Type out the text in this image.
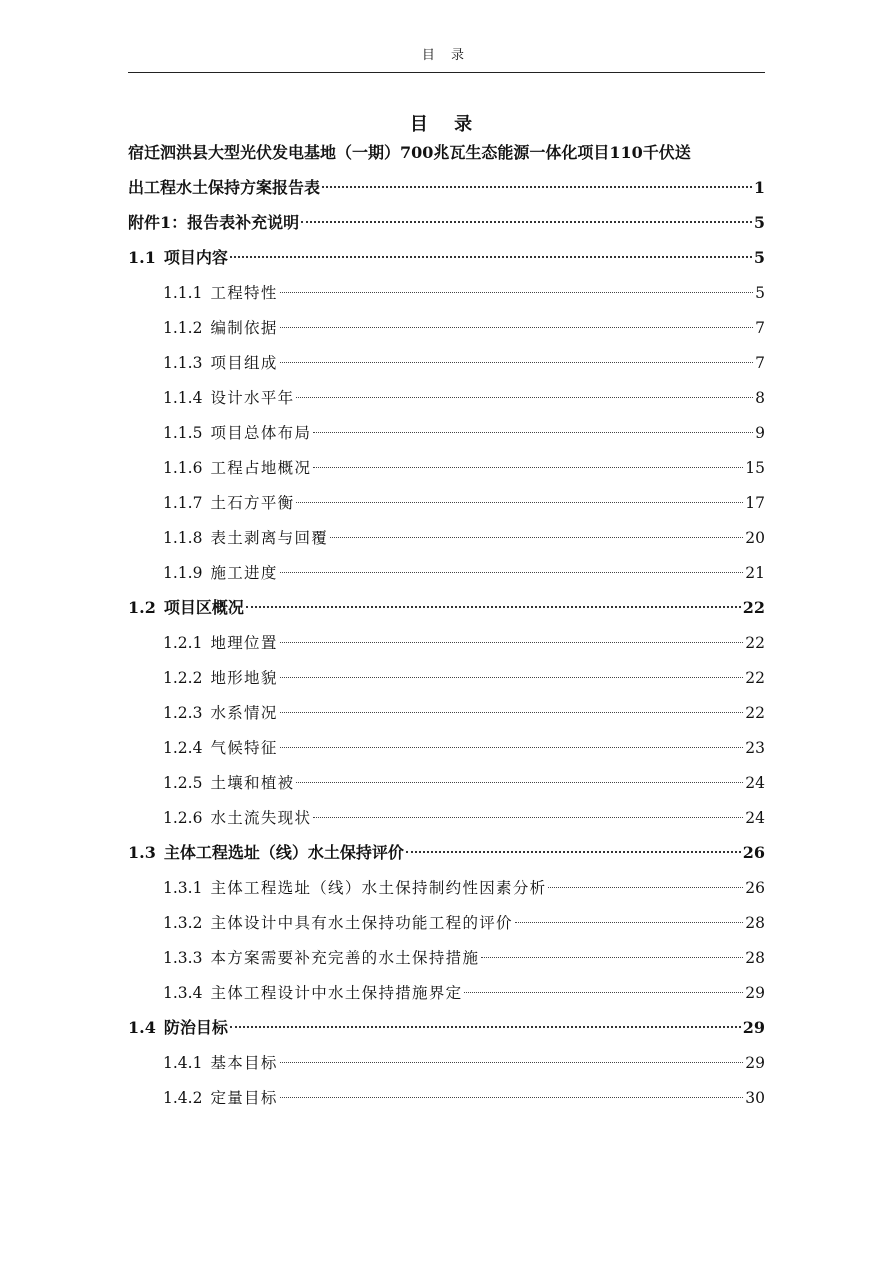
目 录
目 录
宿迁泗洪县大型光伏发电基地（一期）700兆瓦生态能源一体化项目110千伏送
出工程水土保持方案报告表	1
附件1：报告表补充说明	5
1.1 项目内容	5
1.1.1 工程特性	5
1.1.2 编制依据	7
1.1.3 项目组成	7
1.1.4 设计水平年	8
1.1.5 项目总体布局	9
1.1.6 工程占地概况	15
1.1.7 土石方平衡	17
1.1.8 表土剥离与回覆	20
1.1.9 施工进度	21
1.2 项目区概况	22
1.2.1 地理位置	22
1.2.2 地形地貌	22
1.2.3 水系情况	22
1.2.4 气候特征	23
1.2.5 土壤和植被	24
1.2.6 水土流失现状	24
1.3 主体工程选址（线）水土保持评价	26
1.3.1 主体工程选址（线）水土保持制约性因素分析	26
1.3.2 主体设计中具有水土保持功能工程的评价	28
1.3.3 本方案需要补充完善的水土保持措施	28
1.3.4 主体工程设计中水土保持措施界定	29
1.4 防治目标	29
1.4.1 基本目标	29
1.4.2 定量目标	30
